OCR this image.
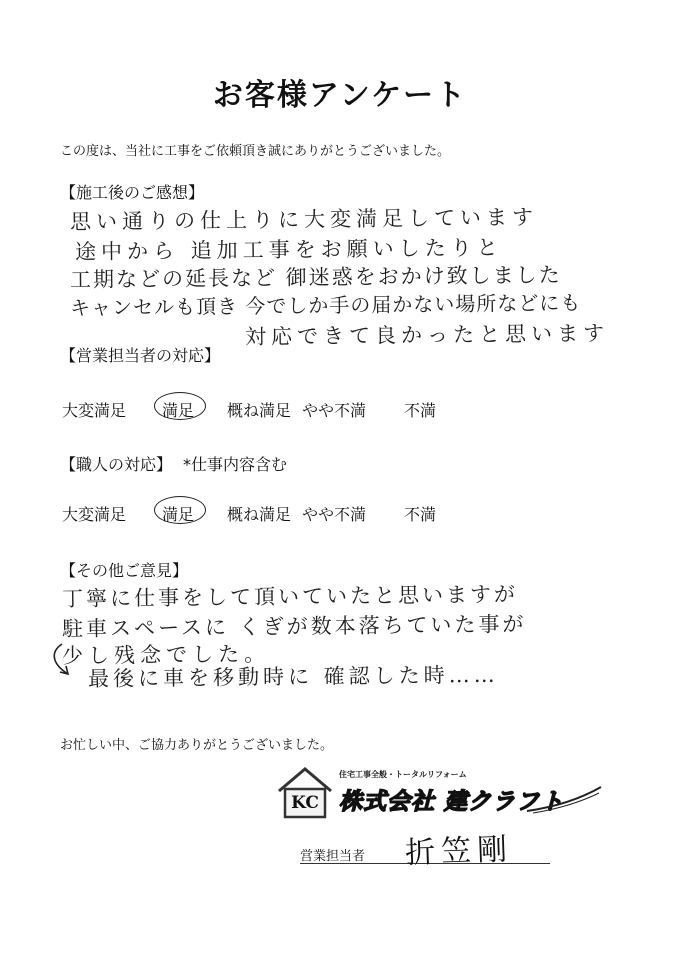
お客様アンケート
この度は、当社に工事をご依頼頂き誠にありがとうございました。
【施工後のご感想】
思い通りの仕上りに大変満足しています
途中から 追加工事をお願いしたりと
工期などの延長など 御迷惑をおかけ致しました
キャンセルも頂き 今でしか手の届かない場所などにも
対応できて良かったと思います
【営業担当者の対応】
大変満足 満足 概ね満足 やや不満 不満
【職人の対応】 *仕事内容含む
大変満足 満足 概ね満足 やや不満 不満
【その他ご意見】
丁寧に仕事をして頂いていたと思いますが
駐車スペースに くぎが数本落ちていた事が
少し残念でした。
最後に車を移動時に 確認した時……
お忙しい中、ご協力ありがとうございました。
KC
住宅工事全般・トータルリフォーム
株式会社 建クラフト
営業担当者 折笠剛
